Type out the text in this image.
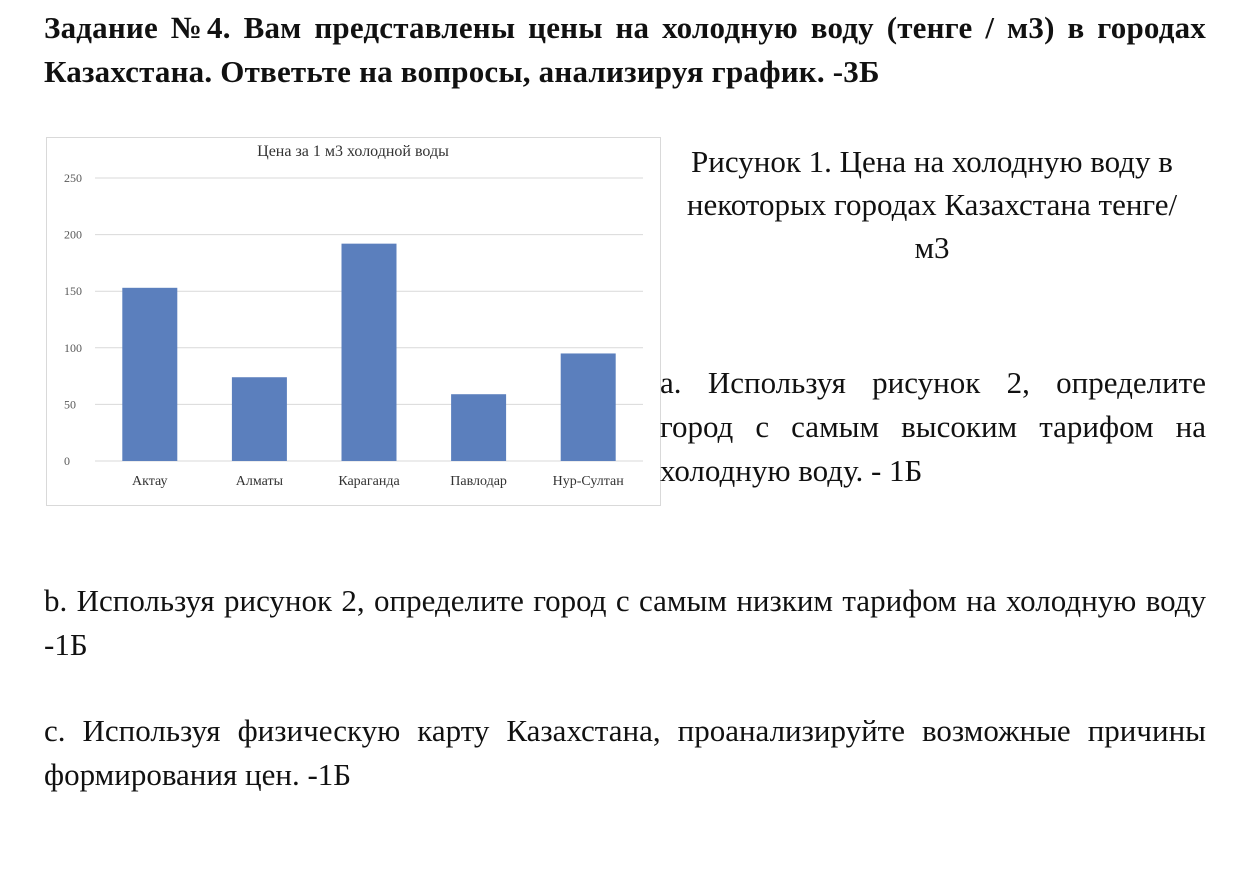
Задание №4. Вам представлены цены на холодную воду (тенге / м3) в городах Казахстана. Ответьте на вопросы, анализируя график. -3Б
Цена за 1 м3 холодной воды
0
50
100
150
200
250
Актау	Алматы	Караганда	Павлодар	Нур-Султан
Рисунок 1. Цена на холодную воду в некоторых городах Казахстана тенге/м3
a. Используя рисунок 2, определите город с самым высоким тарифом на холодную воду. - 1Б
b. Используя рисунок 2, определите город с самым низким тарифом на холодную воду -1Б
c. Используя физическую карту Казахстана, проанализируйте возможные причины формирования цен. -1Б
